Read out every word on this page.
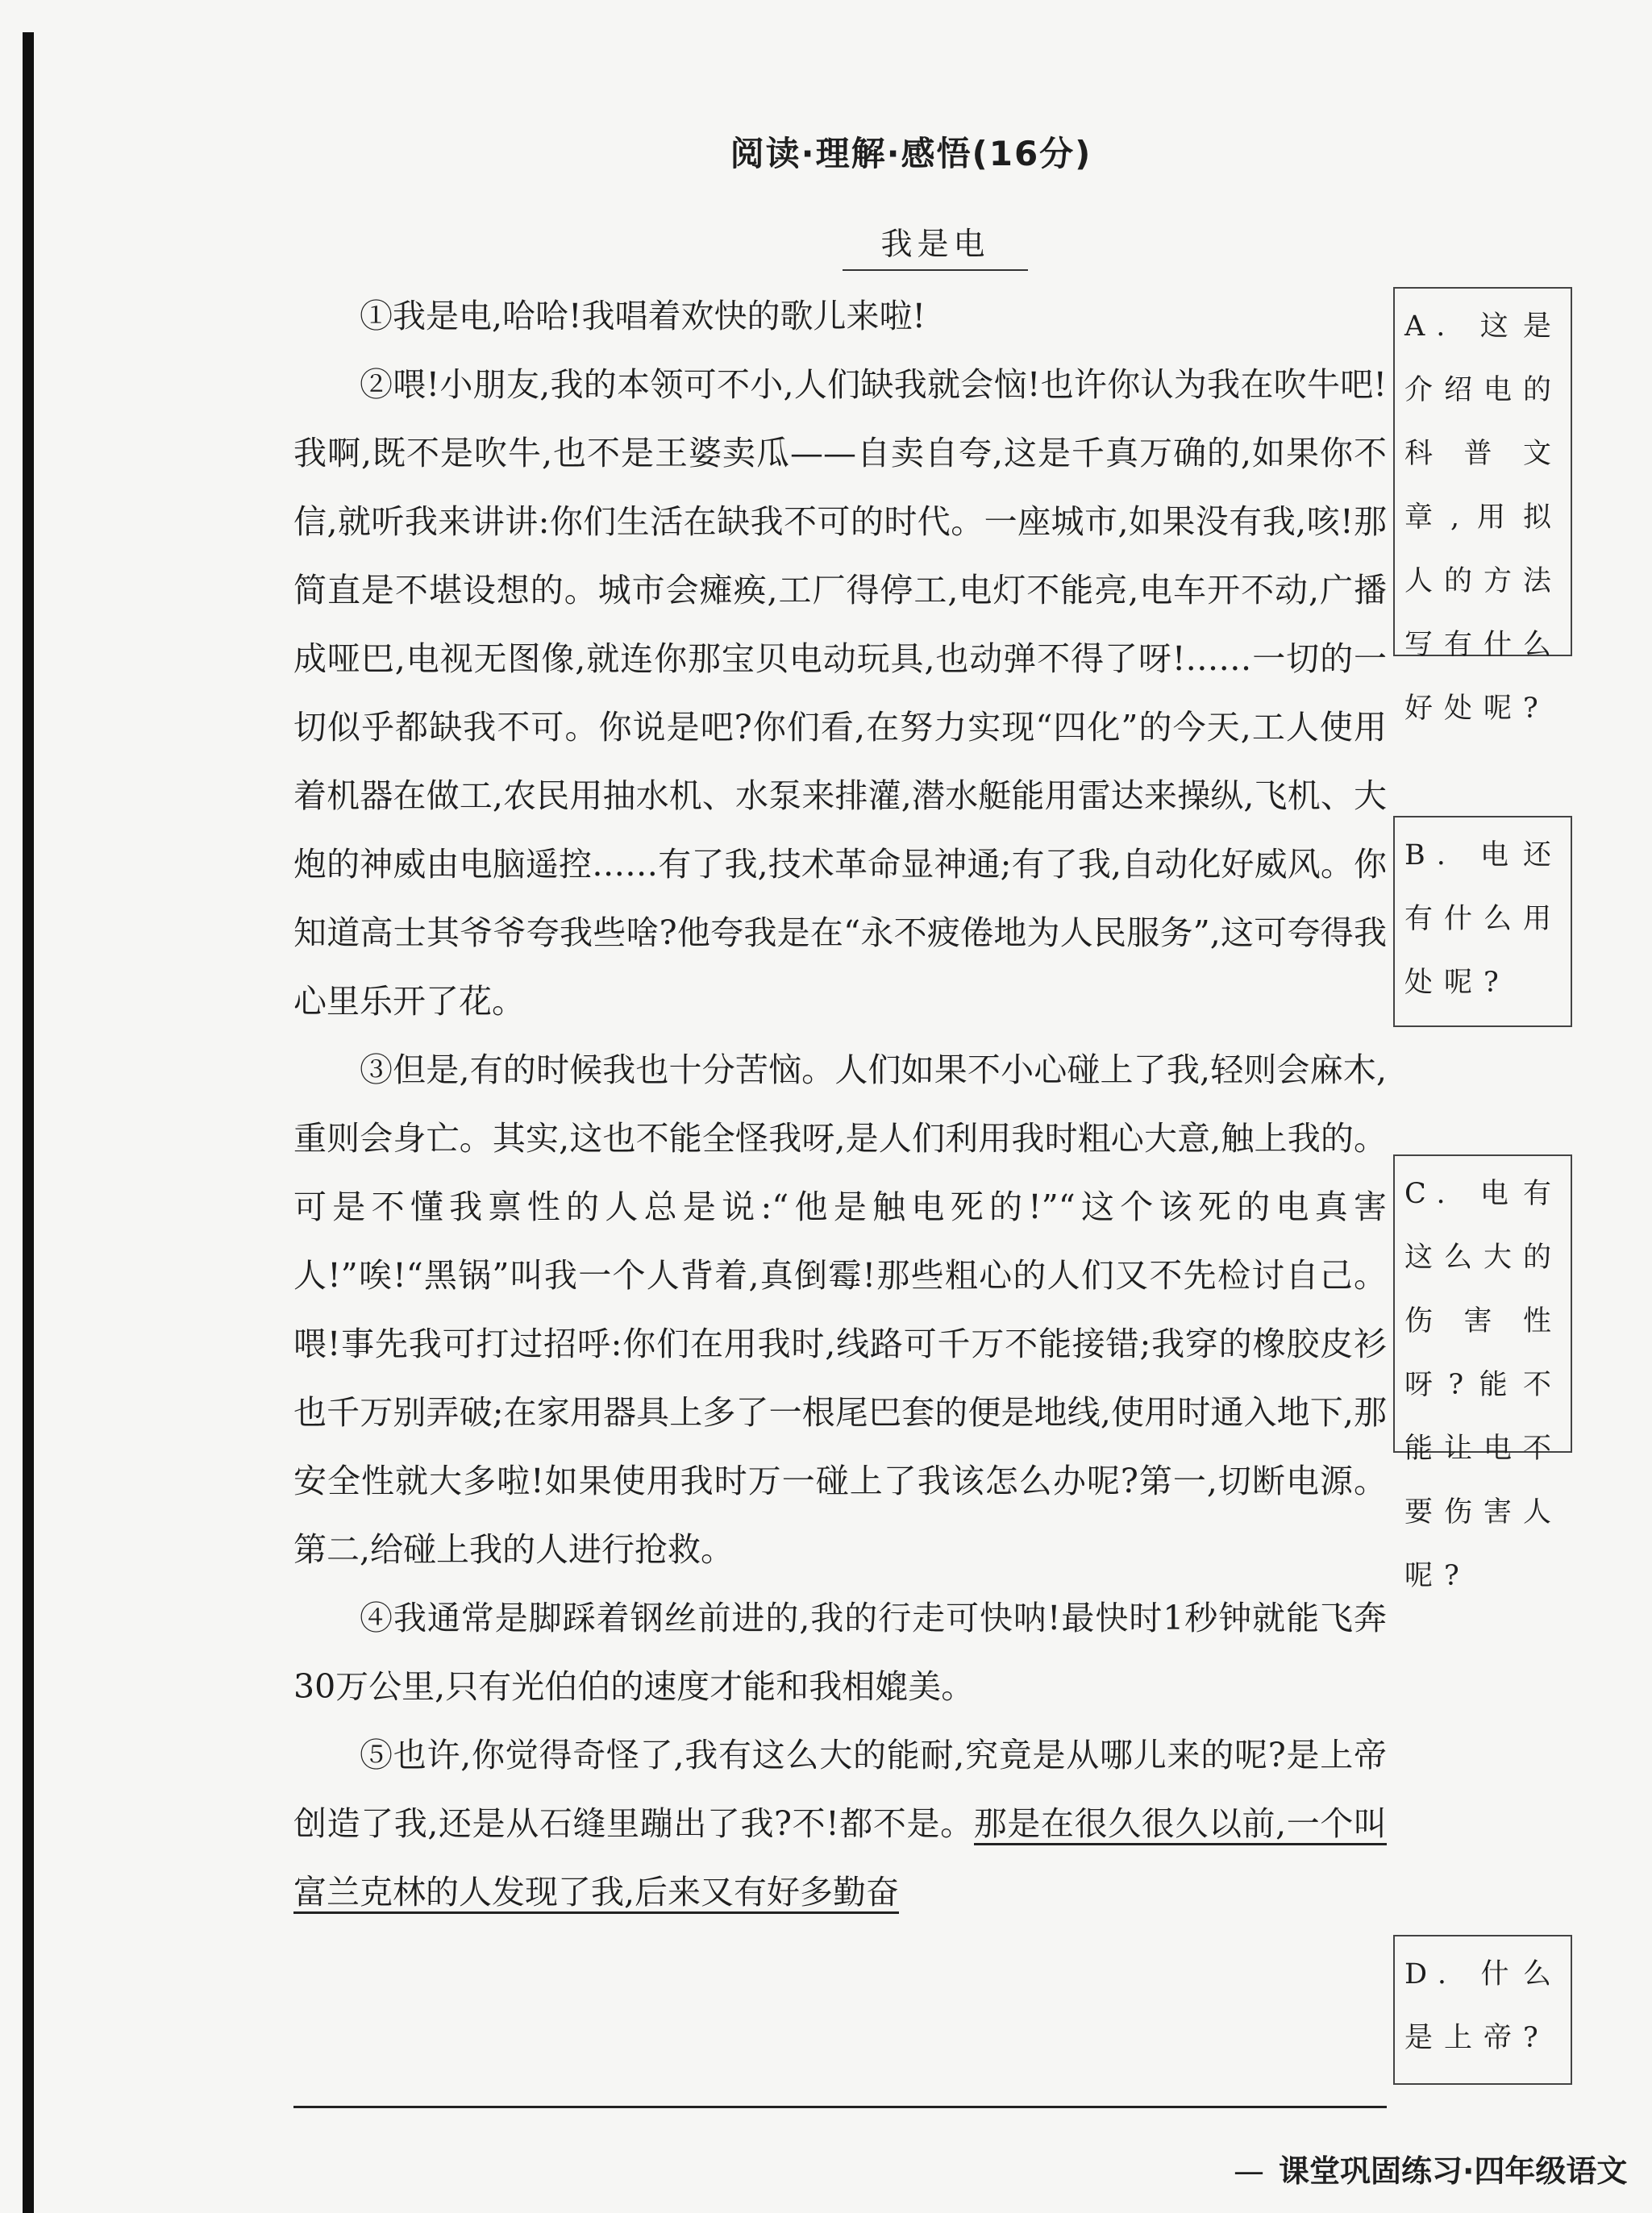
阅读·理解·感悟(16分)
我是电

①我是电,哈哈!我唱着欢快的歌儿来啦!

②喂!小朋友,我的本领可不小,人们缺我就会恼!也许你认为我在吹牛吧!我啊,既不是吹牛,也不是王婆卖瓜——自卖自夸,这是千真万确的,如果你不信,就听我来讲讲:你们生活在缺我不可的时代。一座城市,如果没有我,咳!那简直是不堪设想的。城市会瘫痪,工厂得停工,电灯不能亮,电车开不动,广播成哑巴,电视无图像,就连你那宝贝电动玩具,也动弹不得了呀!……一切的一切似乎都缺我不可。你说是吧?你们看,在努力实现“四化”的今天,工人使用着机器在做工,农民用抽水机、水泵来排灌,潜水艇能用雷达来操纵,飞机、大炮的神威由电脑遥控……有了我,技术革命显神通;有了我,自动化好威风。你知道高士其爷爷夸我些啥?他夸我是在“永不疲倦地为人民服务”,这可夸得我心里乐开了花。

③但是,有的时候我也十分苦恼。人们如果不小心碰上了我,轻则会麻木,重则会身亡。其实,这也不能全怪我呀,是人们利用我时粗心大意,触上我的。可是不懂我禀性的人总是说:“他是触电死的!”“这个该死的电真害人!”唉!“黑锅”叫我一个人背着,真倒霉!那些粗心的人们又不先检讨自己。喂!事先我可打过招呼:你们在用我时,线路可千万不能接错;我穿的橡胶皮衫也千万别弄破;在家用器具上多了一根尾巴套的便是地线,使用时通入地下,那安全性就大多啦!如果使用我时万一碰上了我该怎么办呢?第一,切断电源。第二,给碰上我的人进行抢救。

④我通常是脚踩着钢丝前进的,我的行走可快呐!最快时1秒钟就能飞奔30万公里,只有光伯伯的速度才能和我相媲美。

⑤也许,你觉得奇怪了,我有这么大的能耐,究竟是从哪儿来的呢?是上帝创造了我,还是从石缝里蹦出了我?不!都不是。那是在很久很久以前,一个叫富兰克林的人发现了我,后来又有好多勤奋

A. 这是介绍电的科普文章,用拟人的方法写有什么好处呢?
B. 电还有什么用处呢?
C. 电有这么大的伤害性呀?能不能让电不要伤害人呢?
D. 什么是上帝?
— 课堂巩固练习·四年级语文
